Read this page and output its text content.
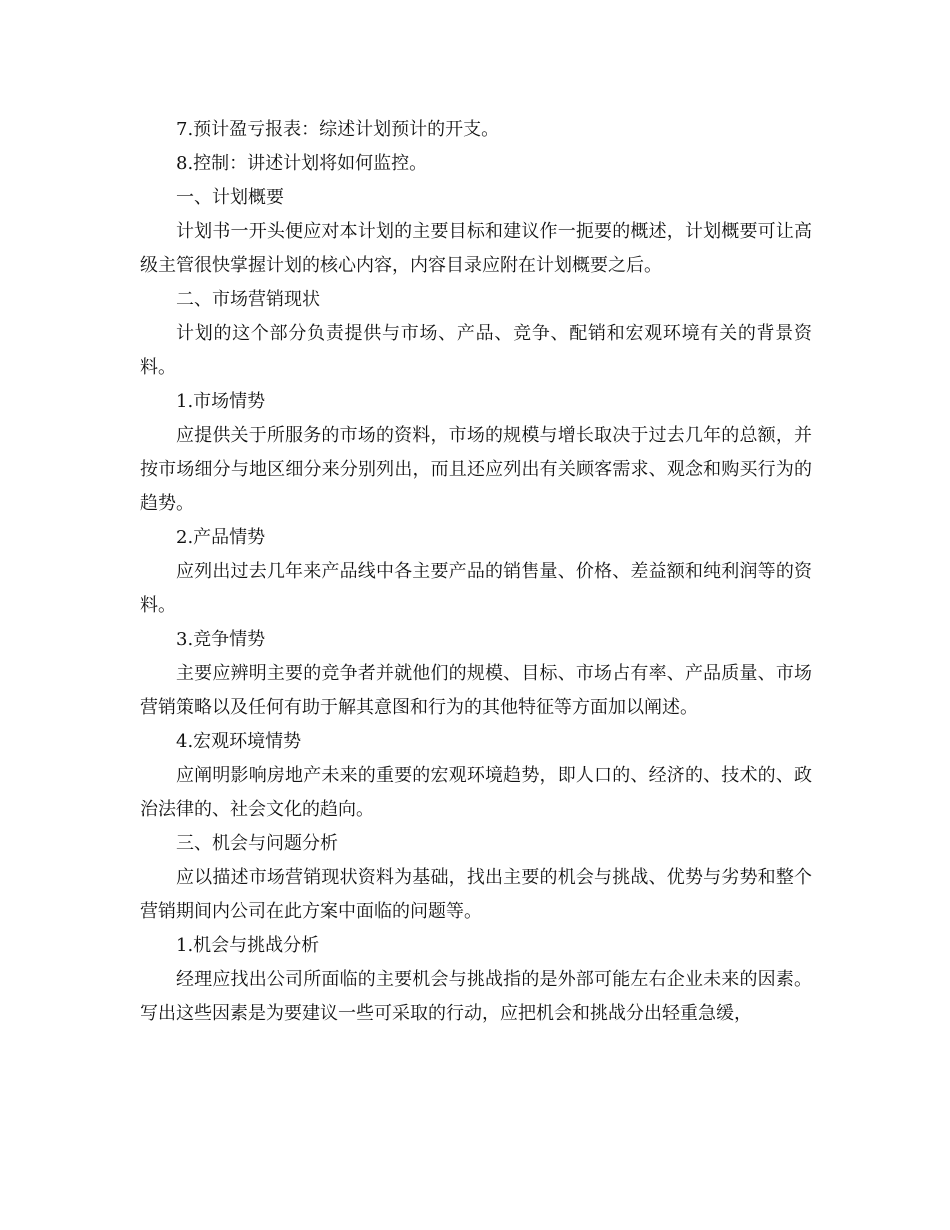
7.预计盈亏报表：综述计划预计的开支。

8.控制：讲述计划将如何监控。

一、计划概要

计划书一开头便应对本计划的主要目标和建议作一扼要的概述，计划概要可让高级主管很快掌握计划的核心内容，内容目录应附在计划概要之后。

二、市场营销现状

计划的这个部分负责提供与市场、产品、竞争、配销和宏观环境有关的背景资料。

1.市场情势

应提供关于所服务的市场的资料，市场的规模与增长取决于过去几年的总额，并按市场细分与地区细分来分别列出，而且还应列出有关顾客需求、观念和购买行为的趋势。

2.产品情势

应列出过去几年来产品线中各主要产品的销售量、价格、差益额和纯利润等的资料。

3.竞争情势

主要应辨明主要的竞争者并就他们的规模、目标、市场占有率、产品质量、市场营销策略以及任何有助于解其意图和行为的其他特征等方面加以阐述。

4.宏观环境情势

应阐明影响房地产未来的重要的宏观环境趋势，即人口的、经济的、技术的、政治法律的、社会文化的趋向。

三、机会与问题分析

应以描述市场营销现状资料为基础，找出主要的机会与挑战、优势与劣势和整个营销期间内公司在此方案中面临的问题等。

1.机会与挑战分析

经理应找出公司所面临的主要机会与挑战指的是外部可能左右企业未来的因素。写出这些因素是为要建议一些可采取的行动，应把机会和挑战分出轻重急缓，
